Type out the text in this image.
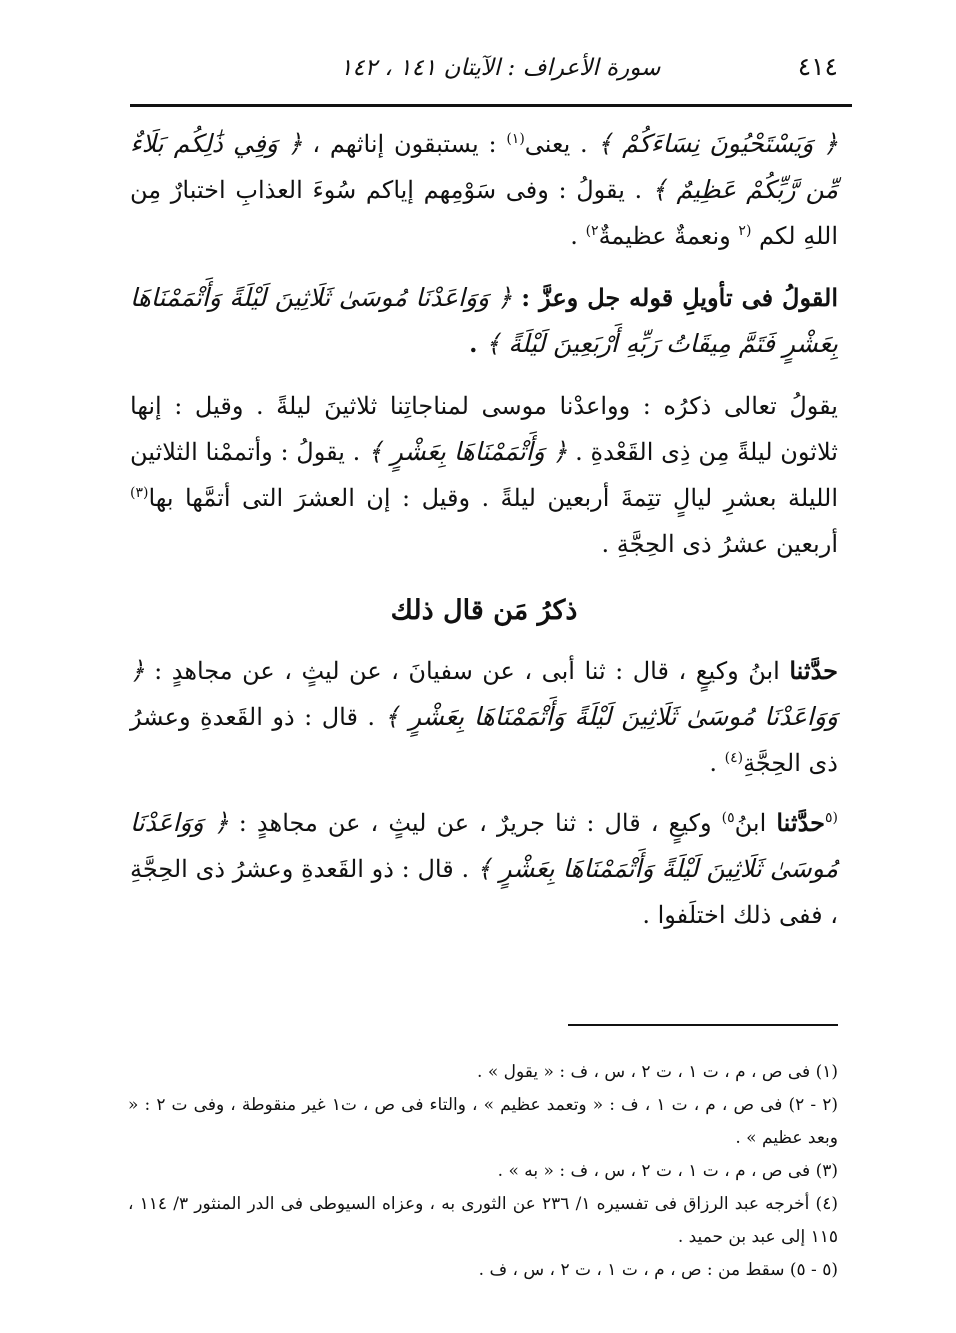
٤١٤
سورة الأعراف : الآيتان ١٤١ ، ١٤٢

﴿ وَيَسْتَحْيُونَ نِسَاءَكُمْ ﴾ . يعنى$^{(١)}$ : يستبقون إناثهم ، ﴿ وَفِي ذَٰلِكُم بَلَاءٌ مِّن رَّبِّكُمْ عَظِيمٌ ﴾ . يقولُ : وفى سَوْمِهم إياكم سُوءَ العذابِ اختبارٌ مِن اللهِ لكم $^{(٢}$ ونعمةٌ عظيمةٌ$^{٢)}$ .

القولُ فى تأويلِ قوله جل وعزَّ : ﴿ وَوَاعَدْنَا مُوسَىٰ ثَلَاثِينَ لَيْلَةً وَأَتْمَمْنَاهَا بِعَشْرٍ فَتَمَّ مِيقَاتُ رَبِّهِ أَرْبَعِينَ لَيْلَةً ﴾ .

يقولُ تعالى ذكرُه : وواعدْنا موسى لمناجاتِنا ثلاثينَ ليلةً . وقيل : إنها ثلاثون ليلةً مِن ذِى القَعْدةِ . ﴿ وَأَتْمَمْنَاهَا بِعَشْرٍ ﴾ . يقولُ : وأتممْنا الثلاثين الليلة بعشرِ ليالٍ تتِمةَ أربعين ليلةً . وقيل : إن العشرَ التى أتمَّها بها$^{(٣)}$ أربعين عشرُ ذى الحِجَّةِ .

ذكرُ مَن قال ذلك

حدَّثنا ابنُ وكيعٍ ، قال : ثنا أبى ، عن سفيانَ ، عن ليثٍ ، عن مجاهدٍ : ﴿ وَوَاعَدْنَا مُوسَىٰ ثَلَاثِينَ لَيْلَةً وَأَتْمَمْنَاهَا بِعَشْرٍ ﴾ . قال : ذو القَعدةِ وعشرُ ذى الحِجَّةِ$^{(٤)}$ .

$^{(٥}$حدَّثنا ابنُ$^{٥)}$ وكيعٍ ، قال : ثنا جريرٌ ، عن ليثٍ ، عن مجاهدٍ : ﴿ وَوَاعَدْنَا مُوسَىٰ ثَلَاثِينَ لَيْلَةً وَأَتْمَمْنَاهَا بِعَشْرٍ ﴾ . قال : ذو القَعدةِ وعشرُ ذى الحِجَّةِ ، ففى ذلك اختلَفوا .

(١) فى ص ، م ، ت ١ ، ت ٢ ، س ، ف : « يقول » .

(٢ - ٢) فى ص ، م ، ت ١ ، ف : « وتعمد عظيم » ، والتاء فى ص ، ت١ غير منقوطة ، وفى ت ٢ : « وبعد عظيم » .

(٣) فى ص ، م ، ت ١ ، ت ٢ ، س ، ف : « به » .

(٤) أخرجه عبد الرزاق فى تفسيره ١/ ٢٣٦ عن الثورى به ، وعزاه السيوطى فى الدر المنثور ٣/ ١١٤ ، ١١٥ إلى عبد بن حميد .

(٥ - ٥) سقط من : ص ، م ، ت ١ ، ت ٢ ، س ، ف .
